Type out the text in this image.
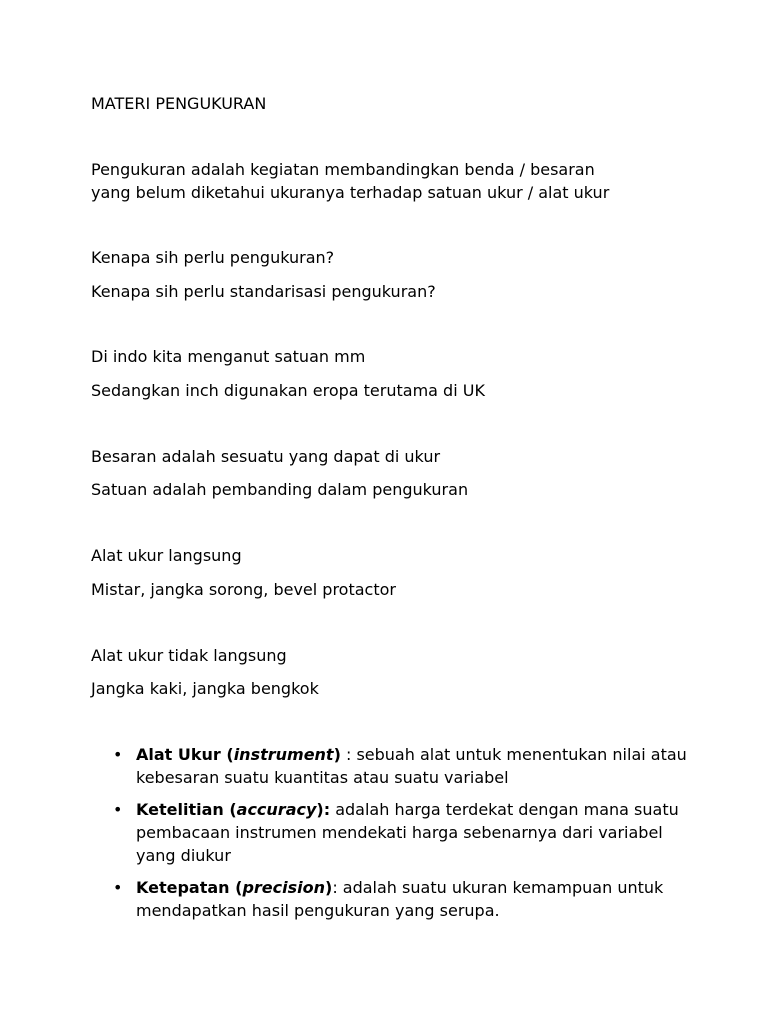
MATERI PENGUKURAN
Pengukuran adalah kegiatan membandingkan benda / besaran
yang belum diketahui ukuranya terhadap satuan ukur / alat ukur
Kenapa sih perlu pengukuran?
Kenapa sih perlu standarisasi pengukuran?
Di indo kita menganut satuan mm
Sedangkan inch digunakan eropa terutama di UK
Besaran adalah sesuatu yang dapat di ukur
Satuan adalah pembanding dalam pengukuran
Alat ukur langsung
Mistar, jangka sorong, bevel protactor
Alat ukur tidak langsung
Jangka kaki, jangka bengkok
• Alat Ukur (instrument) : sebuah alat untuk menentukan nilai atau kebesaran suatu kuantitas atau suatu variabel
• Ketelitian (accuracy): adalah harga terdekat dengan mana suatu pembacaan instrumen mendekati harga sebenarnya dari variabel yang diukur
• Ketepatan (precision): adalah suatu ukuran kemampuan untuk mendapatkan hasil pengukuran yang serupa.
